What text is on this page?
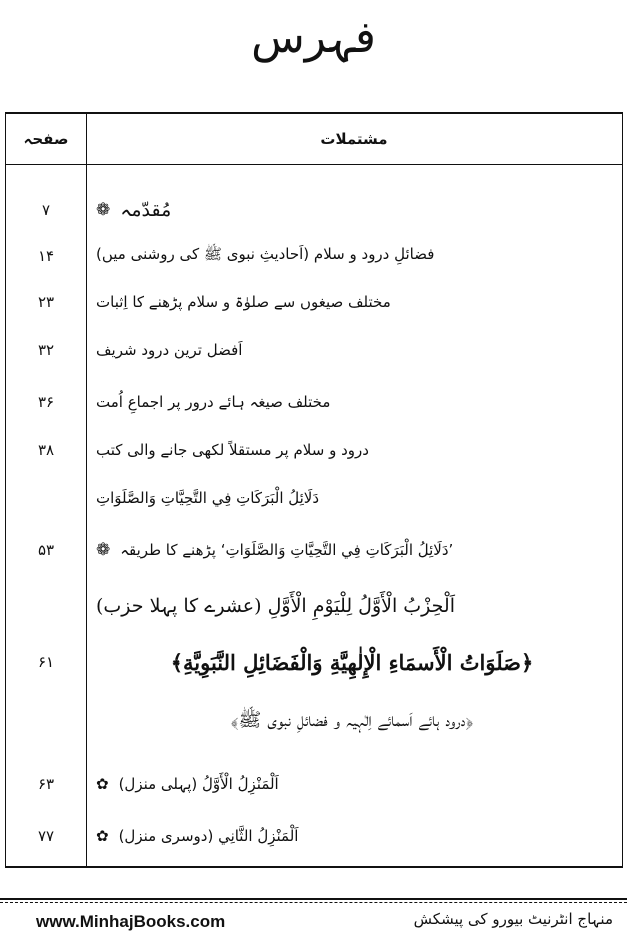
فہرس
صفحہ	مشتملات
۷	❁ مُقدّمہ
۱۴	فضائلِ درود و سلام (اَحادیثِ نبوی ﷺ کی روشنی میں)
۲۳	مختلف صیغوں سے صلوٰۃ و سلام پڑھنے کا اِثبات
۳۲	اَفضل ترین درود شریف
۳۶	مختلف صیغہ ہائے درور پر اجماعِ اُمت
۳۸	درود و سلام پر مستقلاً لکھی جانے والی کتب
دَلَائِلُ الْبَرَكَاتِ فِي التَّحِيَّاتِ وَالصَّلَوَاتِ
۵۳	❁ ’دَلَائِلُ الْبَرَكَاتِ فِي التَّحِيَّاتِ وَالصَّلَوَاتِ‘ پڑھنے کا طریقہ
اَلْحِزْبُ الْأَوَّلُ لِلْيَوْمِ الْأَوَّلِ (عشرے کا پہلا حزب)
۶۱	﴿صَلَوَاتُ الْأَسمَاءِ الْإِلٰهِيَّةِ وَالْفَضَائِلِ النَّبَوِيَّةِ﴾
﴿درود ہائے اَسمائے اِلٰہیہ و فضائلِ نبوی ﷺ﴾
۶۳	✿ اَلْمَنْزِلُ الْأَوَّلُ (پہلی منزل)
۷۷	✿ اَلْمَنْزِلُ الثَّانِي (دوسری منزل)
www.MinhajBooks.com	منہاج انٹرنیٹ بیورو کی پیشکش
